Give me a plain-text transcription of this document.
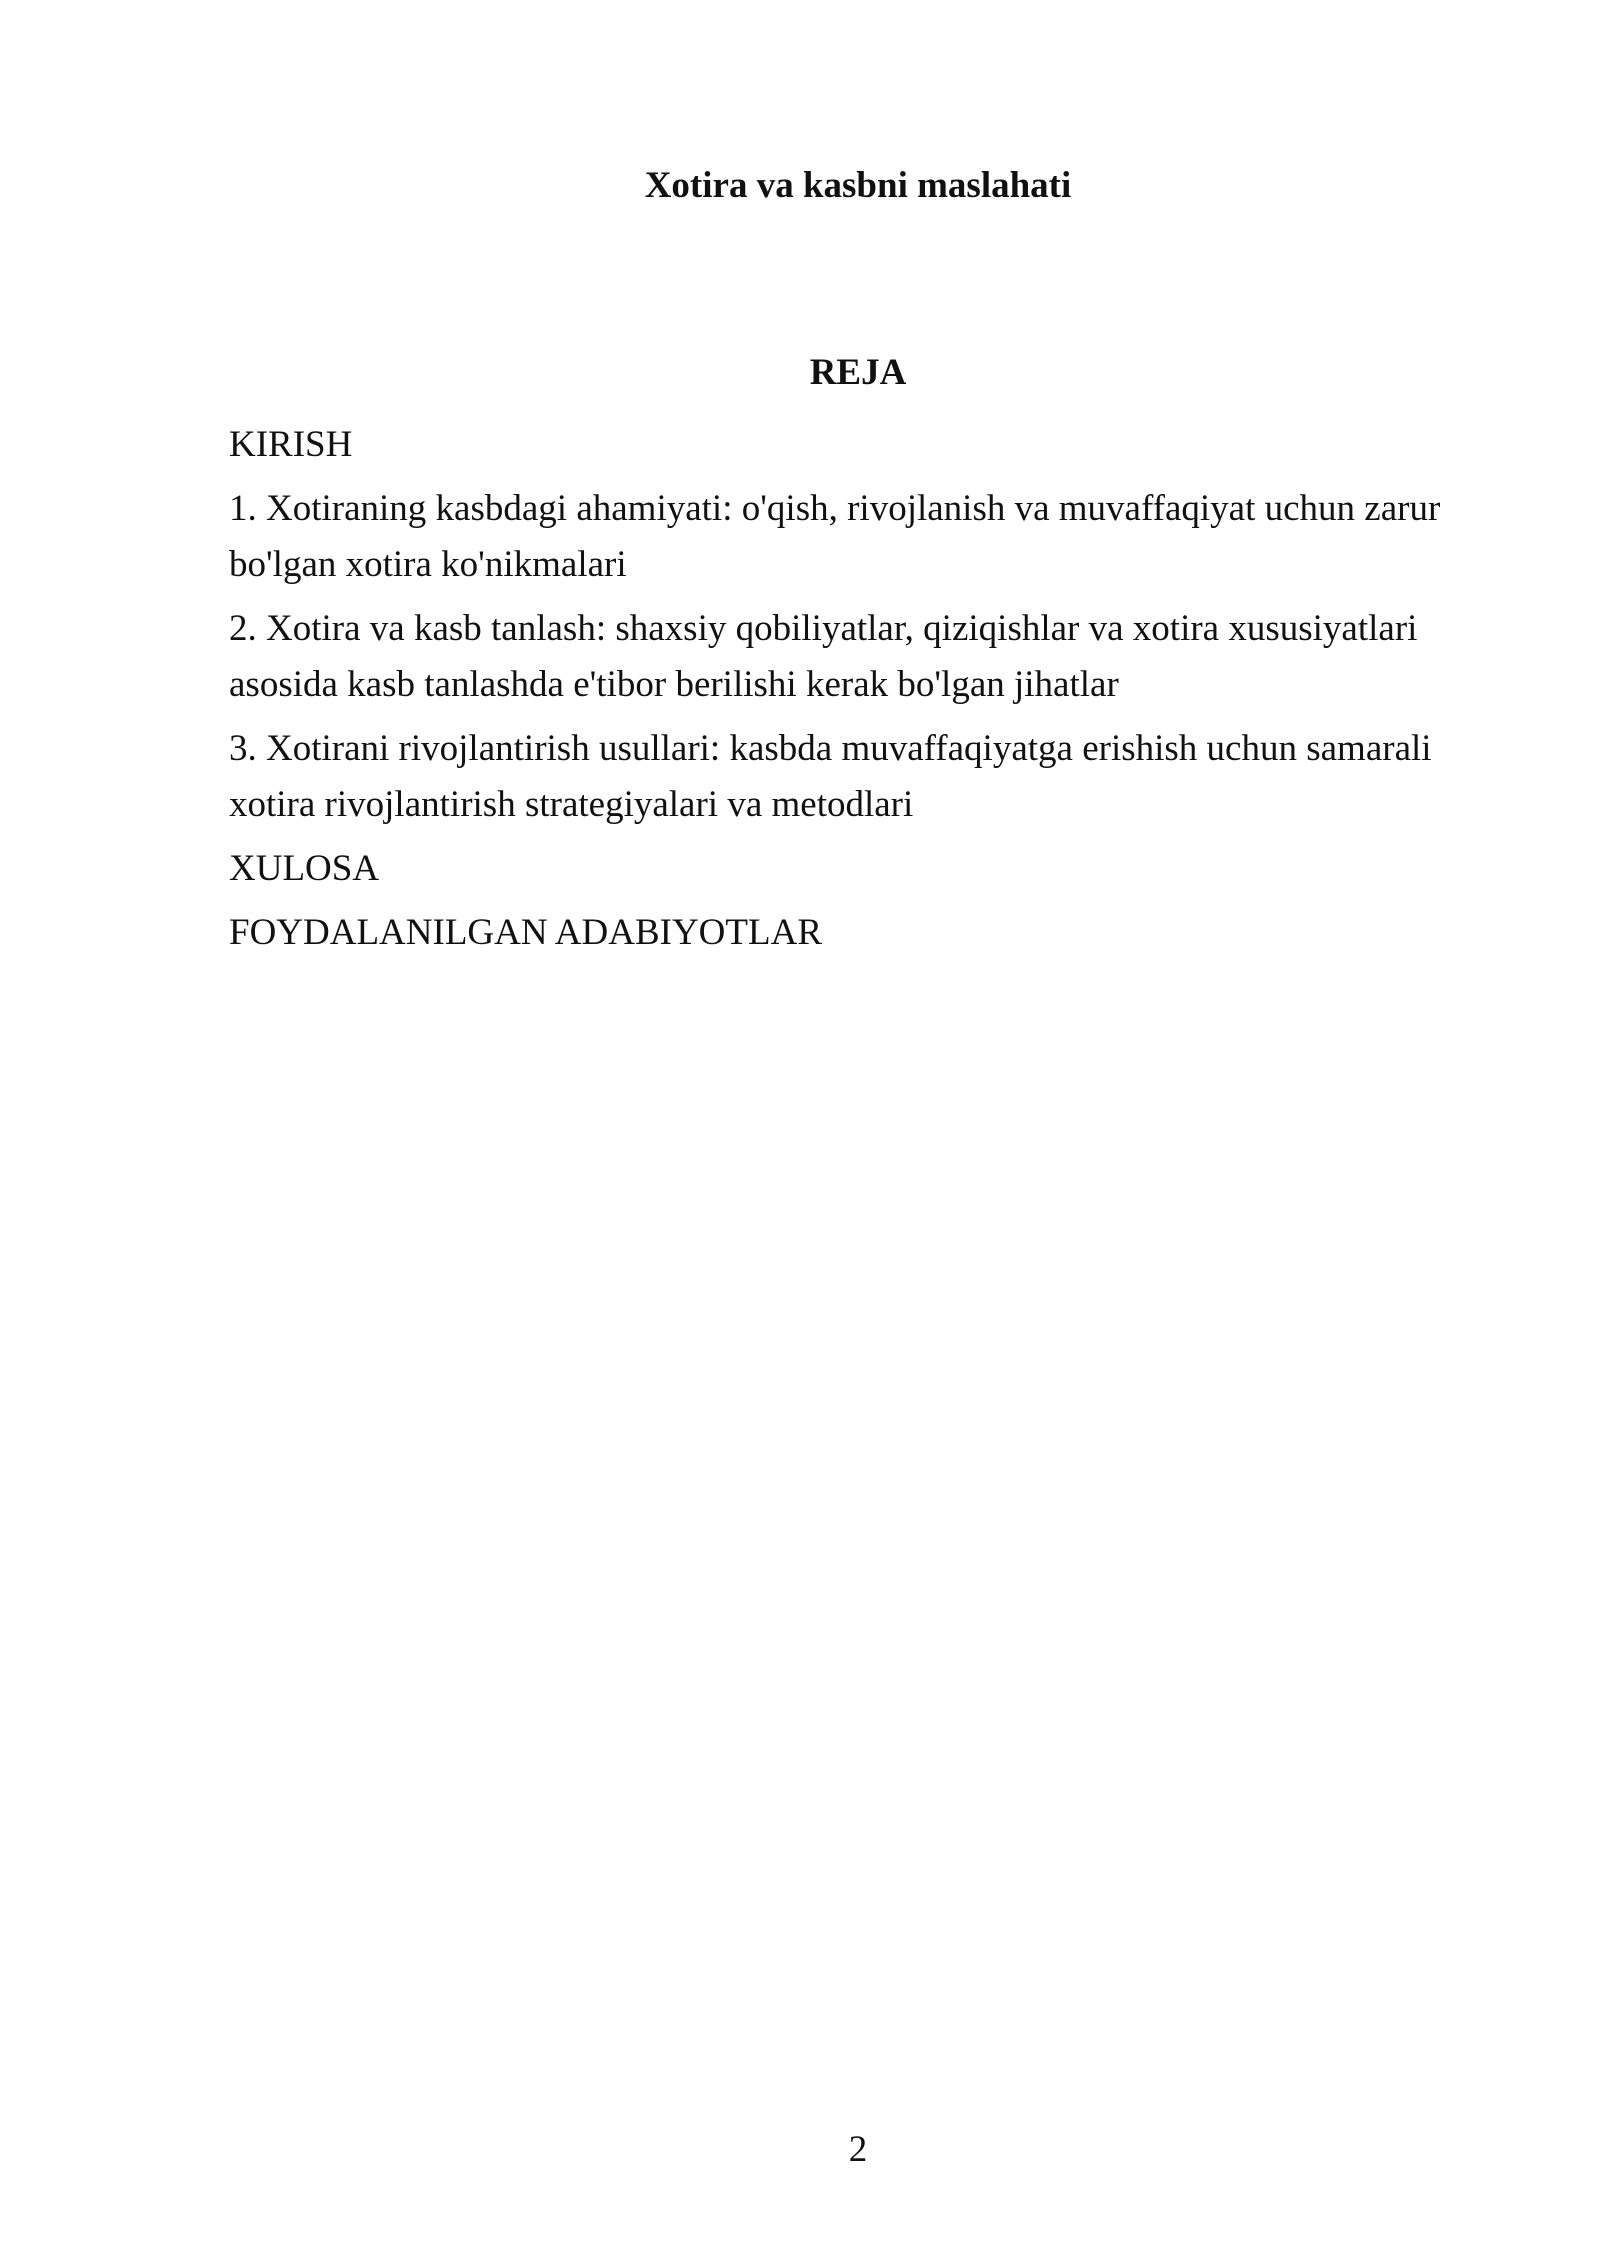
Xotira va kasbni maslahati
REJA
KIRISH
1. Xotiraning kasbdagi ahamiyati: o'qish, rivojlanish va muvaffaqiyat uchun zarur bo'lgan xotira ko'nikmalari
2. Xotira va kasb tanlash: shaxsiy qobiliyatlar, qiziqishlar va xotira xususiyatlari asosida kasb tanlashda e'tibor berilishi kerak bo'lgan jihatlar
3. Xotirani rivojlantirish usullari: kasbda muvaffaqiyatga erishish uchun samarali xotira rivojlantirish strategiyalari va metodlari
XULOSA
FOYDALANILGAN ADABIYOTLAR
2
